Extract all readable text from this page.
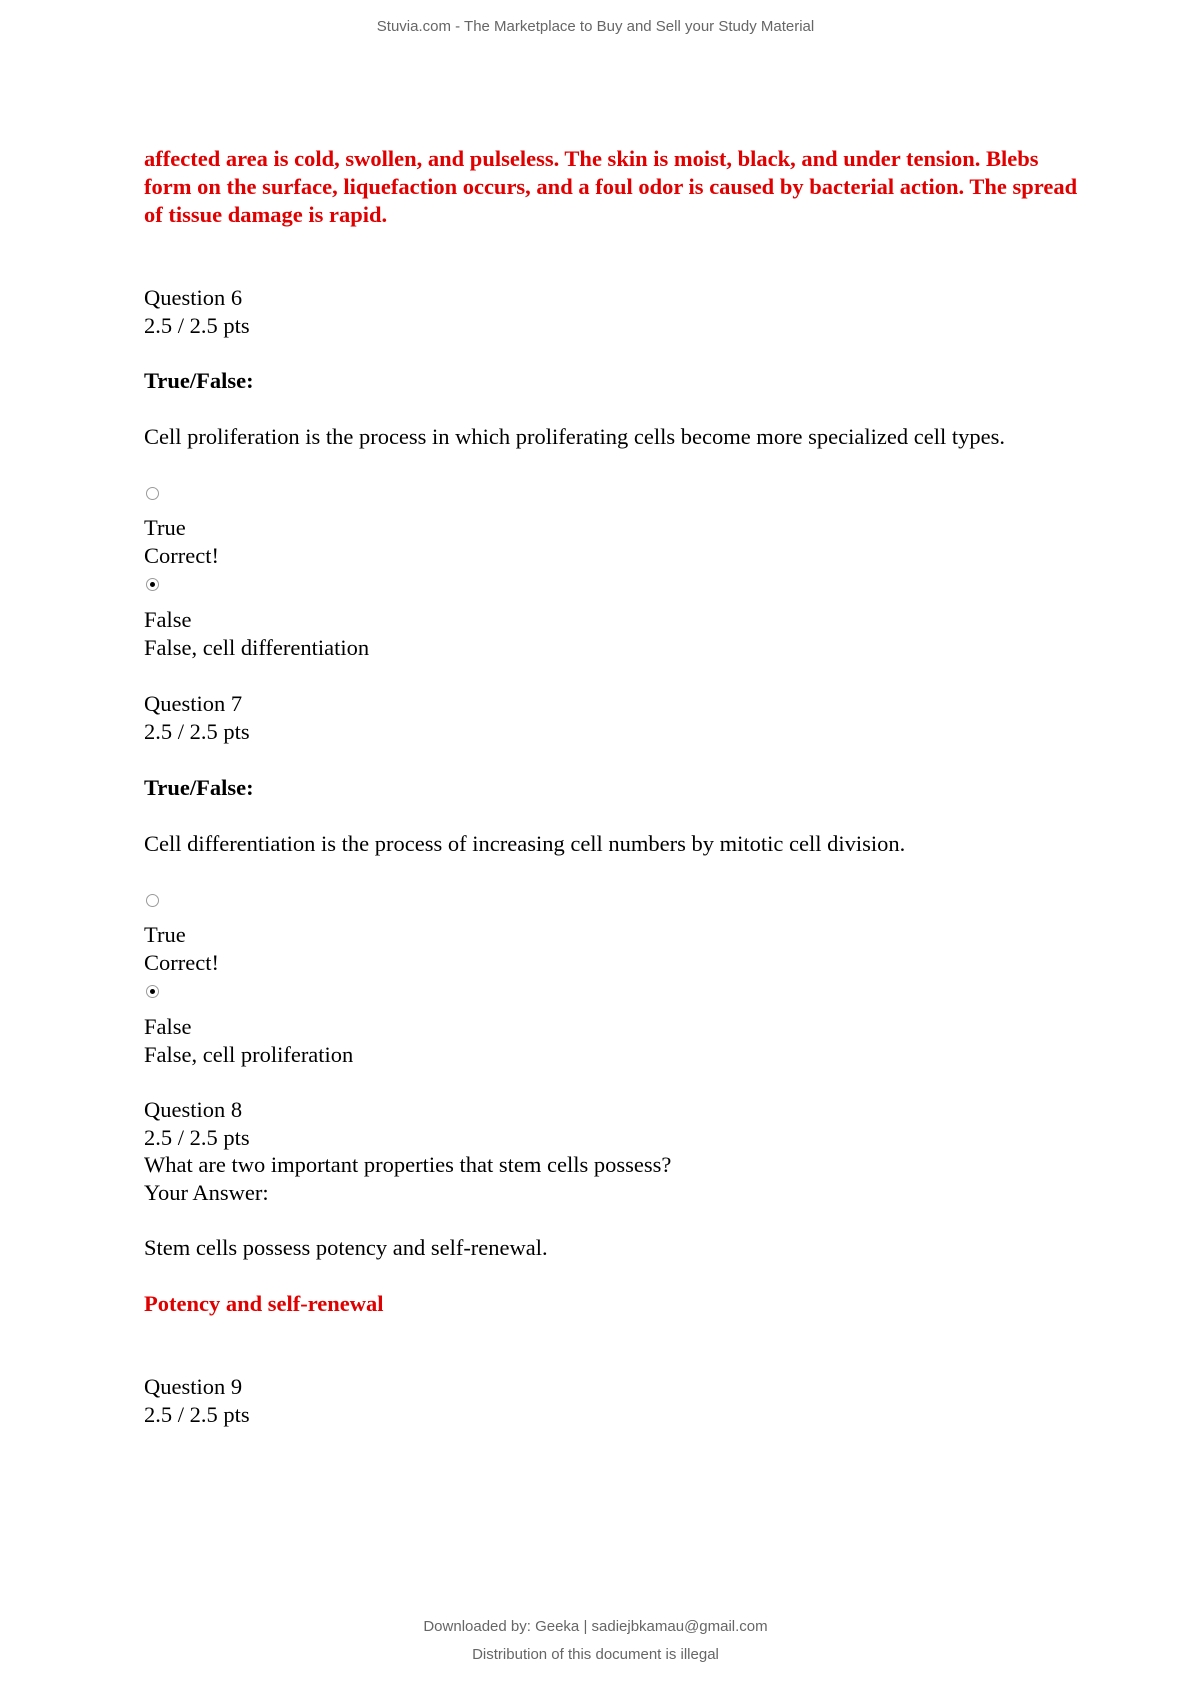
Stuvia.com - The Marketplace to Buy and Sell your Study Material
affected area is cold, swollen, and pulseless. The skin is moist, black, and under tension. Blebs form on the surface, liquefaction occurs, and a foul odor is caused by bacterial action. The spread of tissue damage is rapid.
Question 6
2.5 / 2.5 pts
True/False:
Cell proliferation is the process in which proliferating cells become more specialized cell types.
True
Correct!
False
False, cell differentiation
Question 7
2.5 / 2.5 pts
True/False:
Cell differentiation is the process of increasing cell numbers by mitotic cell division.
True
Correct!
False
False, cell proliferation
Question 8
2.5 / 2.5 pts
What are two important properties that stem cells possess?
Your Answer:
Stem cells possess potency and self-renewal.
Potency and self-renewal
Question 9
2.5 / 2.5 pts
Downloaded by: Geeka | sadiejbkamau@gmail.com
Distribution of this document is illegal
